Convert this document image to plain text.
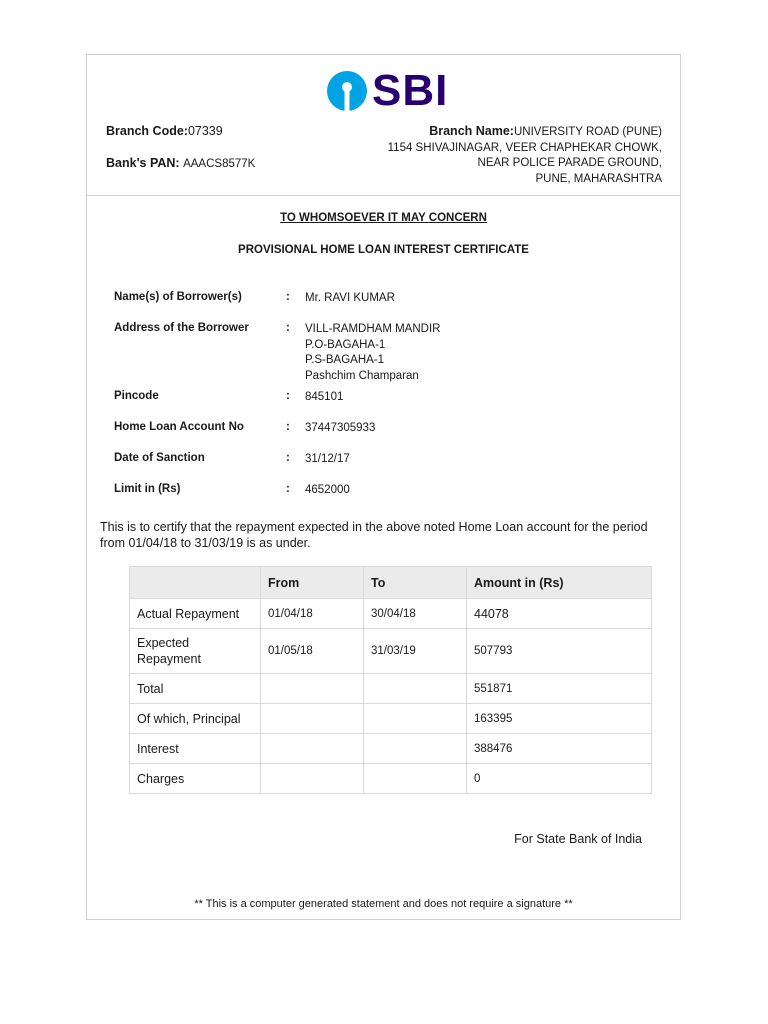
SBI
Branch Code:07339
Bank's PAN: AAACS8577K
Branch Name:UNIVERSITY ROAD (PUNE)
1154 SHIVAJINAGAR, VEER CHAPHEKAR CHOWK,
NEAR POLICE PARADE GROUND,
PUNE, MAHARASHTRA
TO WHOMSOEVER IT MAY CONCERN
PROVISIONAL HOME LOAN INTEREST CERTIFICATE
Name(s) of Borrower(s)	:	Mr. RAVI KUMAR
Address of the Borrower	:	VILL-RAMDHAM MANDIR
P.O-BAGAHA-1
P.S-BAGAHA-1
Pashchim Champaran
Pincode	:	845101
Home Loan Account No	:	37447305933
Date of Sanction	:	31/12/17
Limit in (Rs)	:	4652000
This is to certify that the repayment expected in the above noted Home Loan account for the period from 01/04/18 to 31/03/19 is as under.
	From	To	Amount in (Rs)
Actual Repayment	01/04/18	30/04/18	44078
Expected Repayment	01/05/18	31/03/19	507793
Total			551871
Of which, Principal			163395
Interest			388476
Charges			0
For State Bank of India
** This is a computer generated statement and does not require a signature **
